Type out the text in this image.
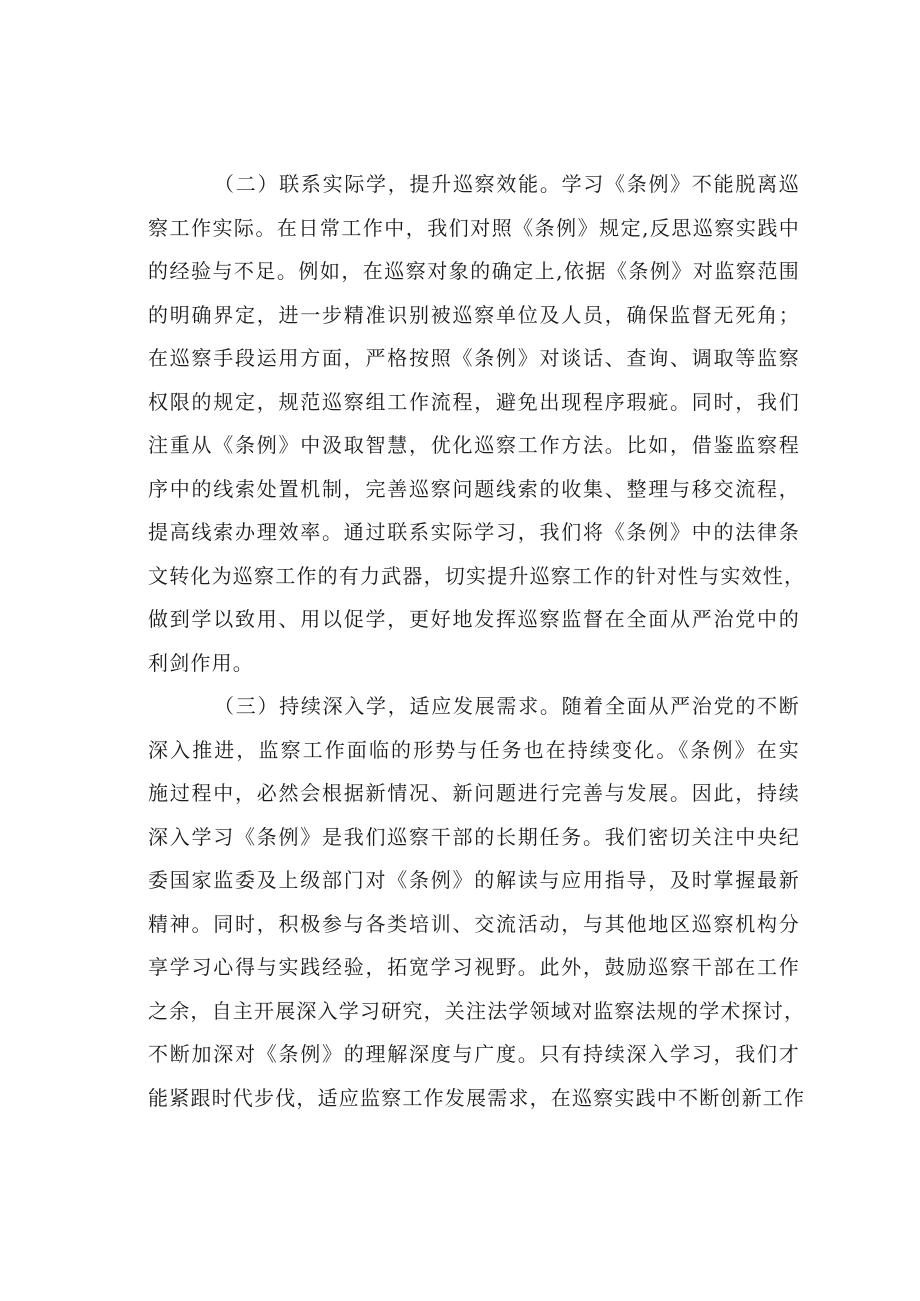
（二）联系实际学，提升巡察效能。学习《条例》不能脱离巡
察工作实际。在日常工作中，我们对照《条例》规定,反思巡察实践中
的经验与不足。例如，在巡察对象的确定上,依据《条例》对监察范围
的明确界定，进一步精准识别被巡察单位及人员，确保监督无死角；
在巡察手段运用方面，严格按照《条例》对谈话、查询、调取等监察
权限的规定，规范巡察组工作流程，避免出现程序瑕疵。同时，我们
注重从《条例》中汲取智慧，优化巡察工作方法。比如，借鉴监察程
序中的线索处置机制，完善巡察问题线索的收集、整理与移交流程，
提高线索办理效率。通过联系实际学习，我们将《条例》中的法律条
文转化为巡察工作的有力武器，切实提升巡察工作的针对性与实效性，
做到学以致用、用以促学，更好地发挥巡察监督在全面从严治党中的
利剑作用。
（三）持续深入学，适应发展需求。随着全面从严治党的不断
深入推进，监察工作面临的形势与任务也在持续变化。《条例》在实
施过程中，必然会根据新情况、新问题进行完善与发展。因此，持续
深入学习《条例》是我们巡察干部的长期任务。我们密切关注中央纪
委国家监委及上级部门对《条例》的解读与应用指导，及时掌握最新
精神。同时，积极参与各类培训、交流活动，与其他地区巡察机构分
享学习心得与实践经验，拓宽学习视野。此外，鼓励巡察干部在工作
之余，自主开展深入学习研究，关注法学领域对监察法规的学术探讨，
不断加深对《条例》的理解深度与广度。只有持续深入学习，我们才
能紧跟时代步伐，适应监察工作发展需求，在巡察实践中不断创新工作
